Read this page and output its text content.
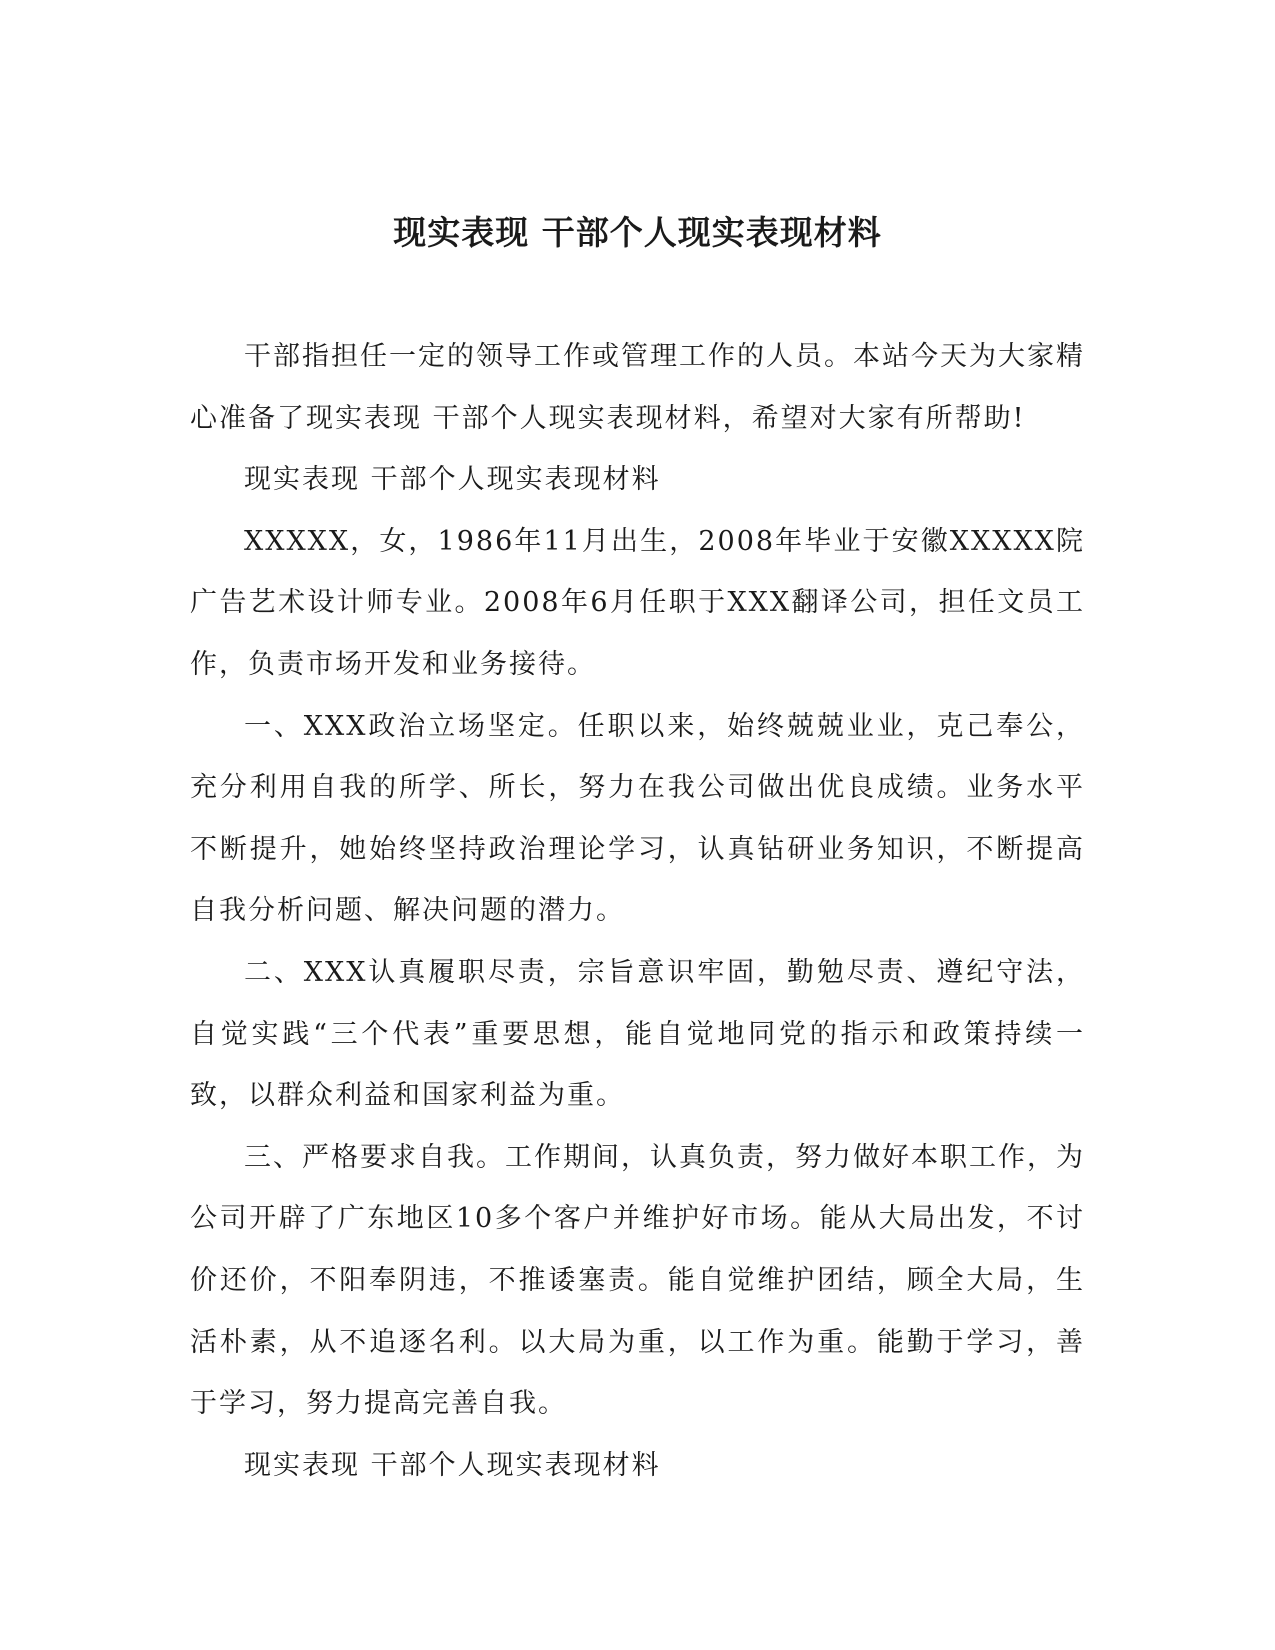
现实表现 干部个人现实表现材料

干部指担任一定的领导工作或管理工作的人员。本站今天为大家精心准备了现实表现 干部个人现实表现材料，希望对大家有所帮助!

现实表现 干部个人现实表现材料

XXXXX，女，1986年11月出生，2008年毕业于安徽XXXXX院广告艺术设计师专业。2008年6月任职于XXX翻译公司，担任文员工作，负责市场开发和业务接待。

一、XXX政治立场坚定。任职以来，始终兢兢业业，克己奉公，充分利用自我的所学、所长，努力在我公司做出优良成绩。业务水平不断提升，她始终坚持政治理论学习，认真钻研业务知识，不断提高自我分析问题、解决问题的潜力。

二、XXX认真履职尽责，宗旨意识牢固，勤勉尽责、遵纪守法，自觉实践“三个代表”重要思想，能自觉地同党的指示和政策持续一致，以群众利益和国家利益为重。

三、严格要求自我。工作期间，认真负责，努力做好本职工作，为公司开辟了广东地区10多个客户并维护好市场。能从大局出发，不讨价还价，不阳奉阴违，不推诿塞责。能自觉维护团结，顾全大局，生活朴素，从不追逐名利。以大局为重，以工作为重。能勤于学习，善于学习，努力提高完善自我。

现实表现 干部个人现实表现材料
